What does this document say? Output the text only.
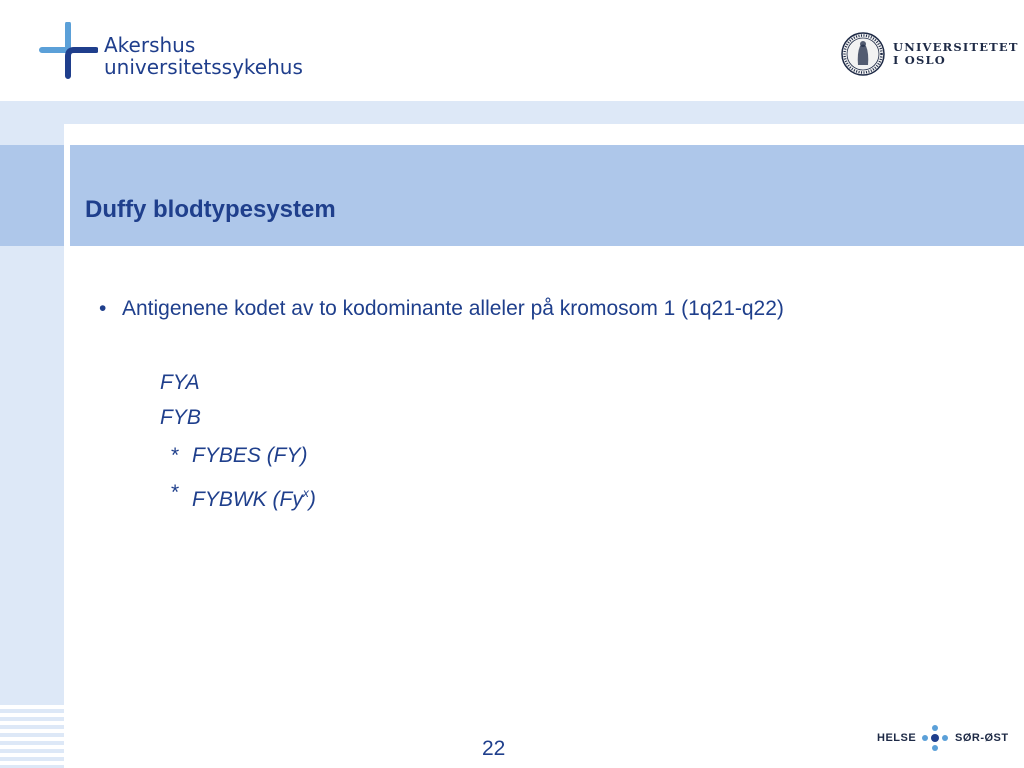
Akershus
universitetssykehus
UNIVERSITETET
I OSLO
Duffy blodtypesystem
• Antigenene kodet av to kodominante alleler på kromosom 1 (1q21-q22)
FYA
FYB
* FYBES (FY)
* FYBWK (Fy$^x$)
22	HELSE	SØR-ØST
